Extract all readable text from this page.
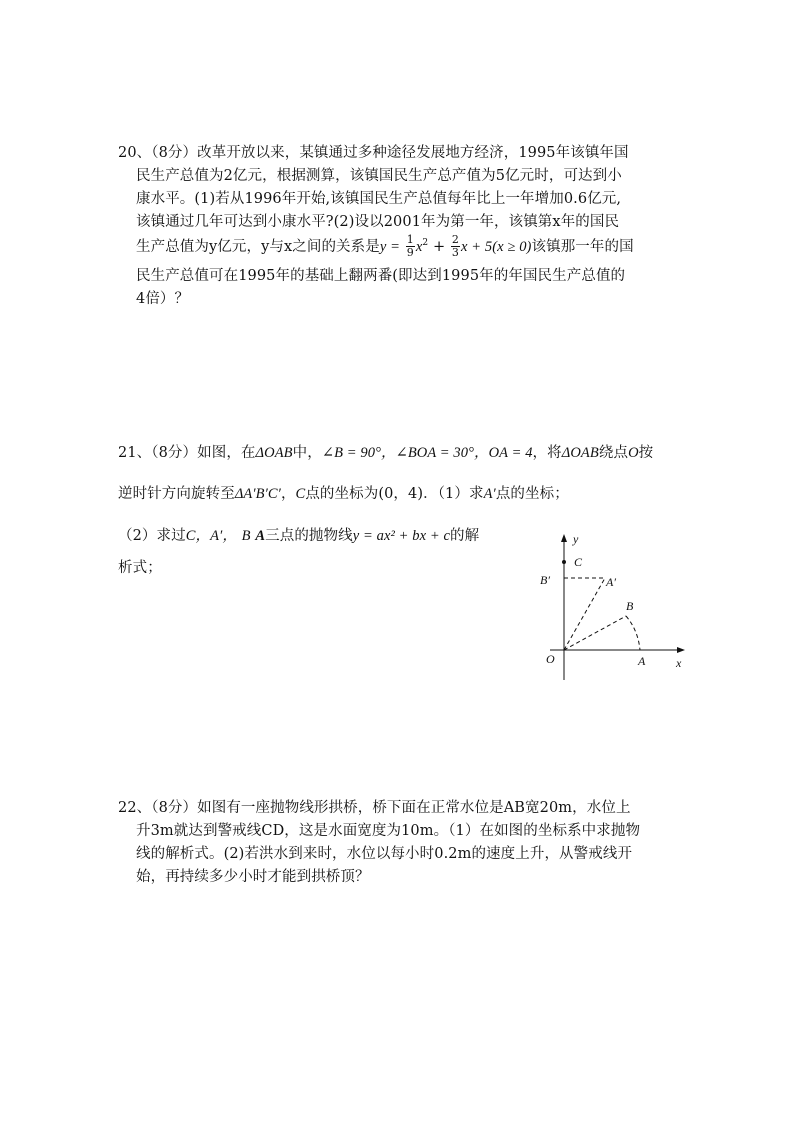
20、（8分）改革开放以来，某镇通过多种途径发展地方经济，1995年该镇年国
民生产总值为2亿元，根据测算，该镇国民生产总产值为5亿元时，可达到小
康水平。(1)若从1996年开始,该镇国民生产总值每年比上一年增加0.6亿元,
该镇通过几年可达到小康水平?(2)设以2001年为第一年，该镇第x年的国民
生产总值为y亿元，y与x之间的关系是$y = \frac{1}{9} x^2 + \frac{2}{3}$ x + 5(x ≥ 0)该镇那一年的国
民生产总值可在1995年的基础上翻两番(即达到1995年的年国民生产总值的
4倍）？
21、（8分）如图，在ΔOAB中，∠B = 90°，∠BOA = 30°，OA = 4，将ΔOAB绕点O按
逆时针方向旋转至ΔA′B′C′，C点的坐标为(0，4)．（1）求A′点的坐标；
（2）求过C，A′， B A三点的抛物线y = ax² + bx + c的解
析式；
y
C
B′	A′
B
O	A	x
22、（8分）如图有一座抛物线形拱桥，桥下面在正常水位是AB宽20m，水位上
升3m就达到警戒线CD，这是水面宽度为10m。（1）在如图的坐标系中求抛物
线的解析式。(2)若洪水到来时，水位以每小时0.2m的速度上升，从警戒线开
始，再持续多少小时才能到拱桥顶？
